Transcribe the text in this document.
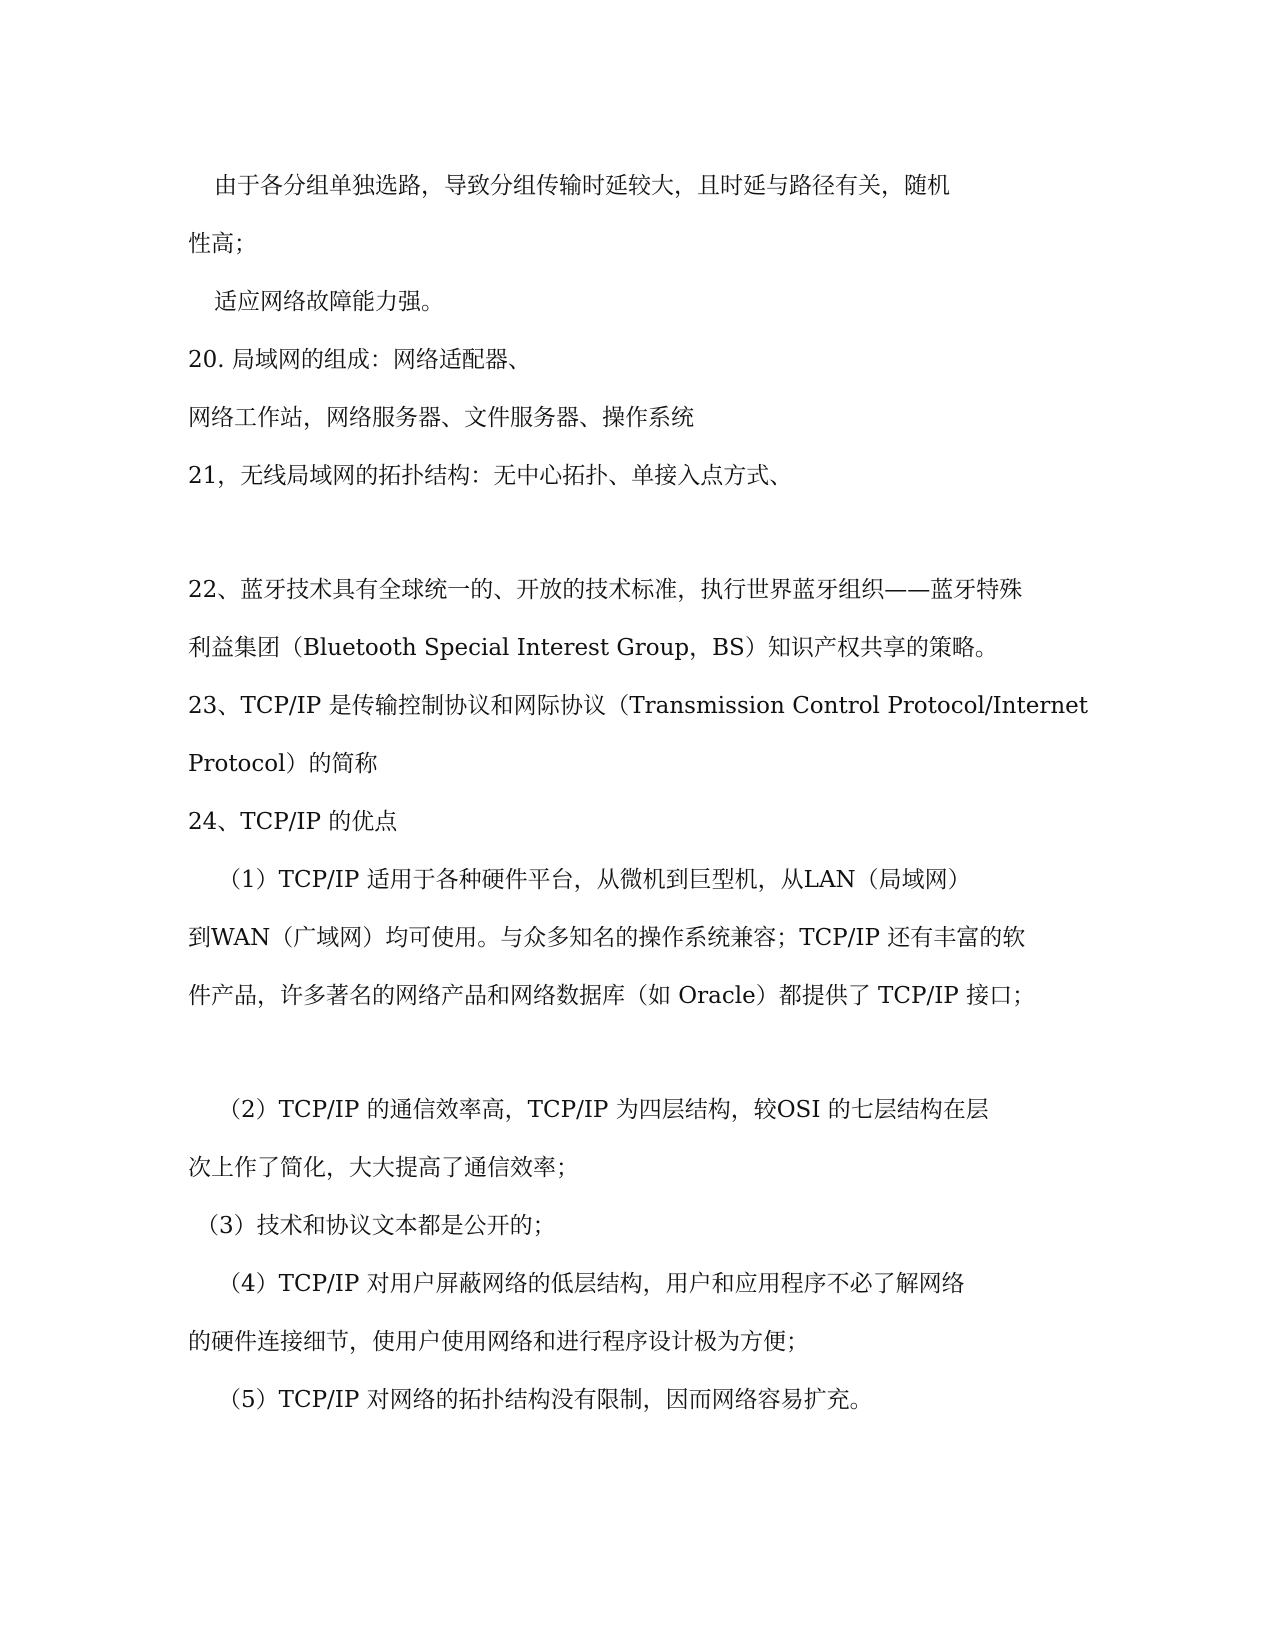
由于各分组单独选路，导致分组传输时延较大，且时延与路径有关，随机

性高；

适应网络故障能力强。

20. 局域网的组成：网络适配器、

网络工作站，网络服务器、文件服务器、操作系统

21，无线局域网的拓扑结构：无中心拓扑、单接入点方式、

22、蓝牙技术具有全球统一的、开放的技术标准，执行世界蓝牙组织——蓝牙特殊

利益集团（Bluetooth Special Interest Group，BS）知识产权共享的策略。

23、TCP/IP 是传输控制协议和网际协议（Transmission Control Protocol/Internet

Protocol）的简称

24、TCP/IP 的优点

（1）TCP/IP 适用于各种硬件平台，从微机到巨型机，从LAN（局域网）

到WAN（广域网）均可使用。与众多知名的操作系统兼容；TCP/IP 还有丰富的软

件产品，许多著名的网络产品和网络数据库（如 Oracle）都提供了 TCP/IP 接口；

（2）TCP/IP 的通信效率高，TCP/IP 为四层结构，较OSI 的七层结构在层

次上作了简化，大大提高了通信效率；

（3）技术和协议文本都是公开的；

（4）TCP/IP 对用户屏蔽网络的低层结构，用户和应用程序不必了解网络

的硬件连接细节，使用户使用网络和进行程序设计极为方便；

（5）TCP/IP 对网络的拓扑结构没有限制，因而网络容易扩充。
